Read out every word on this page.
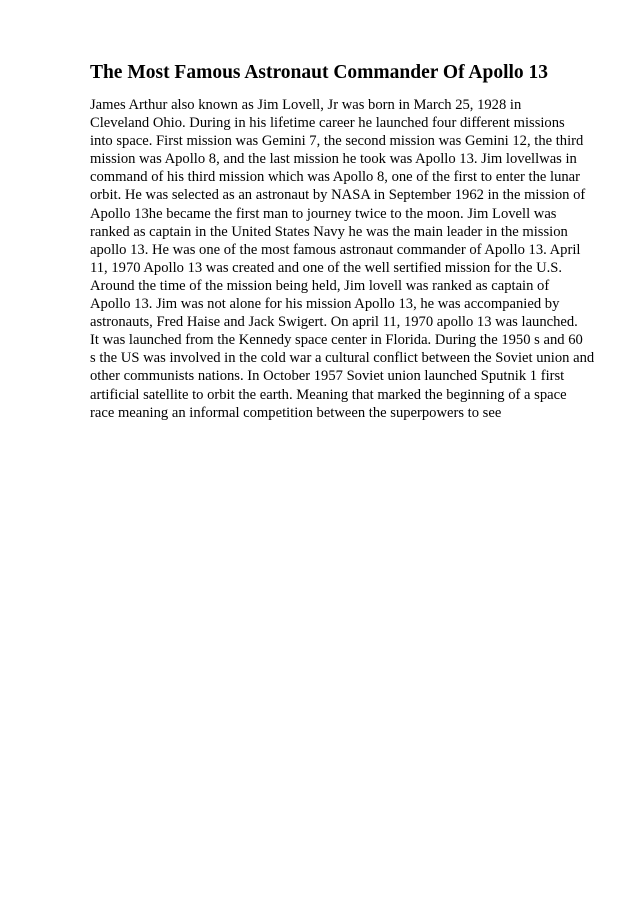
The Most Famous Astronaut Commander Of Apollo 13

James Arthur also known as Jim Lovell, Jr was born in March 25, 1928 in
Cleveland Ohio. During in his lifetime career he launched four different missions
into space. First mission was Gemini 7, the second mission was Gemini 12, the third
mission was Apollo 8, and the last mission he took was Apollo 13. Jim lovellwas in
command of his third mission which was Apollo 8, one of the first to enter the lunar
orbit. He was selected as an astronaut by NASA in September 1962 in the mission of
Apollo 13he became the first man to journey twice to the moon. Jim Lovell was
ranked as captain in the United States Navy he was the main leader in the mission
apollo 13. He was one of the most famous astronaut commander of Apollo 13. April
11, 1970 Apollo 13 was created and one of the well sertified mission for the U.S.
Around the time of the mission being held, Jim lovell was ranked as captain of
Apollo 13. Jim was not alone for his mission Apollo 13, he was accompanied by
astronauts, Fred Haise and Jack Swigert. On april 11, 1970 apollo 13 was launched.
It was launched from the Kennedy space center in Florida. During the 1950 s and 60
s the US was involved in the cold war a cultural conflict between the Soviet union and
other communists nations. In October 1957 Soviet union launched Sputnik 1 first
artificial satellite to orbit the earth. Meaning that marked the beginning of a space
race meaning an informal competition between the superpowers to see
